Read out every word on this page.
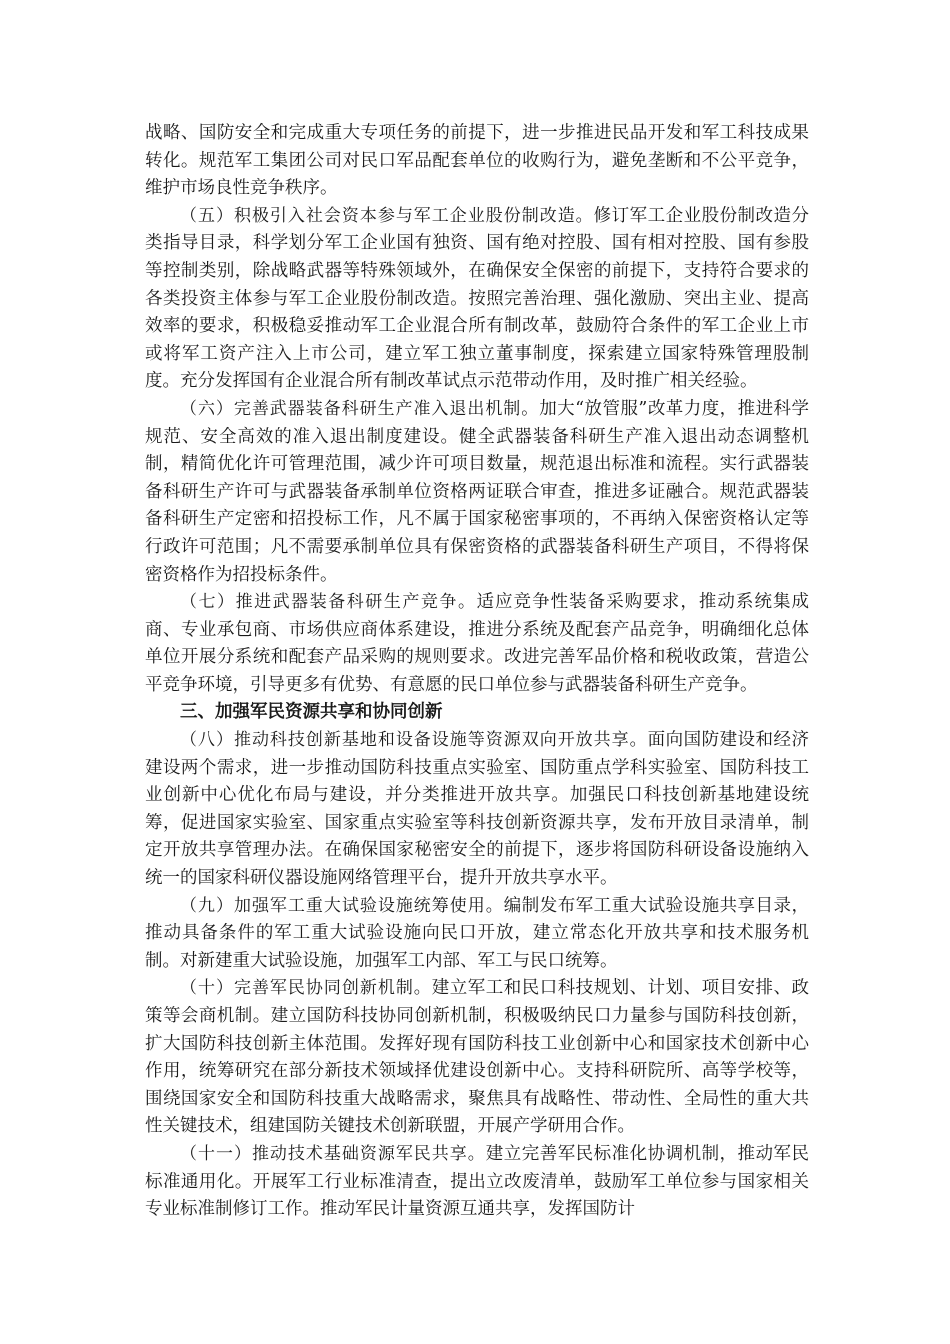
战略、国防安全和完成重大专项任务的前提下，进一步推进民品开发和军工科技成果转化。规范军工集团公司对民口军品配套单位的收购行为，避免垄断和不公平竞争，维护市场良性竞争秩序。

（五）积极引入社会资本参与军工企业股份制改造。修订军工企业股份制改造分类指导目录，科学划分军工企业国有独资、国有绝对控股、国有相对控股、国有参股等控制类别，除战略武器等特殊领域外，在确保安全保密的前提下，支持符合要求的各类投资主体参与军工企业股份制改造。按照完善治理、强化激励、突出主业、提高效率的要求，积极稳妥推动军工企业混合所有制改革，鼓励符合条件的军工企业上市或将军工资产注入上市公司，建立军工独立董事制度，探索建立国家特殊管理股制度。充分发挥国有企业混合所有制改革试点示范带动作用，及时推广相关经验。

（六）完善武器装备科研生产准入退出机制。加大“放管服”改革力度，推进科学规范、安全高效的准入退出制度建设。健全武器装备科研生产准入退出动态调整机制，精简优化许可管理范围，减少许可项目数量，规范退出标准和流程。实行武器装备科研生产许可与武器装备承制单位资格两证联合审查，推进多证融合。规范武器装备科研生产定密和招投标工作，凡不属于国家秘密事项的，不再纳入保密资格认定等行政许可范围；凡不需要承制单位具有保密资格的武器装备科研生产项目，不得将保密资格作为招投标条件。

（七）推进武器装备科研生产竞争。适应竞争性装备采购要求，推动系统集成商、专业承包商、市场供应商体系建设，推进分系统及配套产品竞争，明确细化总体单位开展分系统和配套产品采购的规则要求。改进完善军品价格和税收政策，营造公平竞争环境，引导更多有优势、有意愿的民口单位参与武器装备科研生产竞争。

三、加强军民资源共享和协同创新

（八）推动科技创新基地和设备设施等资源双向开放共享。面向国防建设和经济建设两个需求，进一步推动国防科技重点实验室、国防重点学科实验室、国防科技工业创新中心优化布局与建设，并分类推进开放共享。加强民口科技创新基地建设统筹，促进国家实验室、国家重点实验室等科技创新资源共享，发布开放目录清单，制定开放共享管理办法。在确保国家秘密安全的前提下，逐步将国防科研设备设施纳入统一的国家科研仪器设施网络管理平台，提升开放共享水平。

（九）加强军工重大试验设施统筹使用。编制发布军工重大试验设施共享目录，推动具备条件的军工重大试验设施向民口开放，建立常态化开放共享和技术服务机制。对新建重大试验设施，加强军工内部、军工与民口统筹。

（十）完善军民协同创新机制。建立军工和民口科技规划、计划、项目安排、政策等会商机制。建立国防科技协同创新机制，积极吸纳民口力量参与国防科技创新，扩大国防科技创新主体范围。发挥好现有国防科技工业创新中心和国家技术创新中心作用，统筹研究在部分新技术领域择优建设创新中心。支持科研院所、高等学校等，围绕国家安全和国防科技重大战略需求，聚焦具有战略性、带动性、全局性的重大共性关键技术，组建国防关键技术创新联盟，开展产学研用合作。

（十一）推动技术基础资源军民共享。建立完善军民标准化协调机制，推动军民标准通用化。开展军工行业标准清查，提出立改废清单，鼓励军工单位参与国家相关专业标准制修订工作。推动军民计量资源互通共享，发挥国防计
